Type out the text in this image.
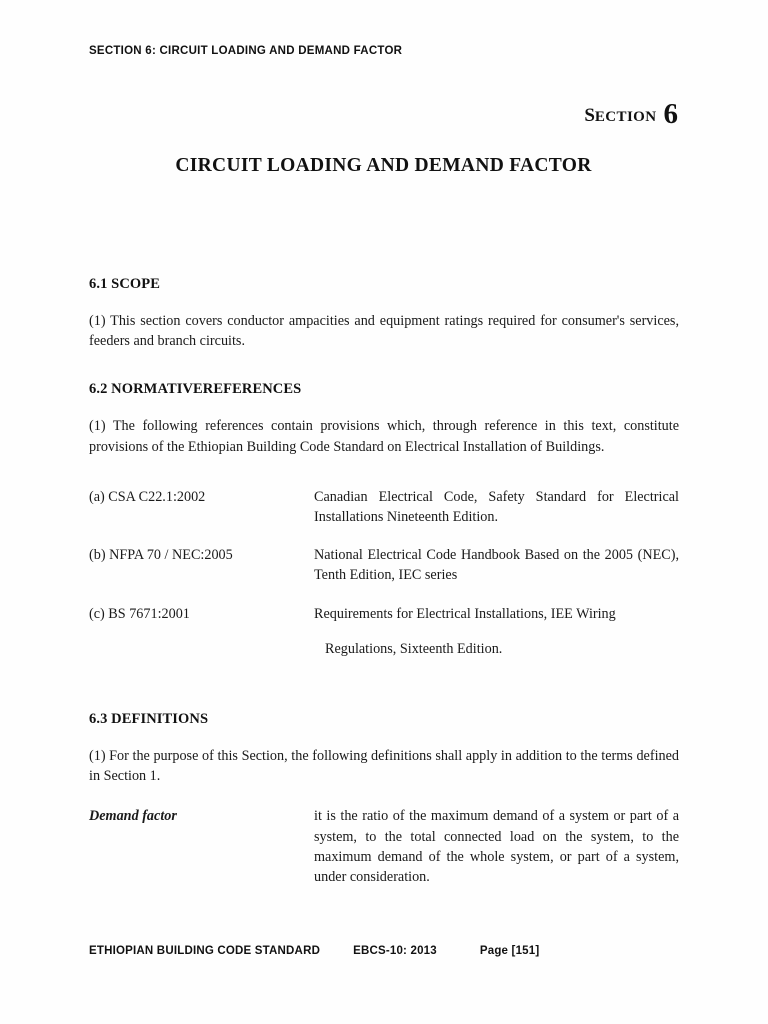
SECTION 6: CIRCUIT LOADING AND DEMAND FACTOR
SECTION 6
CIRCUIT LOADING AND DEMAND FACTOR
6.1 SCOPE

(1) This section covers conductor ampacities and equipment ratings required for consumer's services, feeders and branch circuits.

6.2 NORMATIVEREFERENCES

(1) The following references contain provisions which, through reference in this text, constitute provisions of the Ethiopian Building Code Standard on Electrical Installation of Buildings.

(a) CSA C22.1:2002	Canadian Electrical Code, Safety Standard for Electrical Installations Nineteenth Edition.
(b) NFPA 70 / NEC:2005	National Electrical Code Handbook Based on the 2005 (NEC), Tenth Edition, IEC series
(c) BS 7671:2001	Requirements for Electrical Installations, IEE Wiring
Regulations, Sixteenth Edition.
6.3 DEFINITIONS

(1) For the purpose of this Section, the following definitions shall apply in addition to the terms defined in Section 1.

Demand factor	it is the ratio of the maximum demand of a system or part of a system, to the total connected load on the system, to the maximum demand of the whole system, or part of a system, under consideration.
ETHIOPIAN BUILDING CODE STANDARD	EBCS-10: 2013	Page [151]
